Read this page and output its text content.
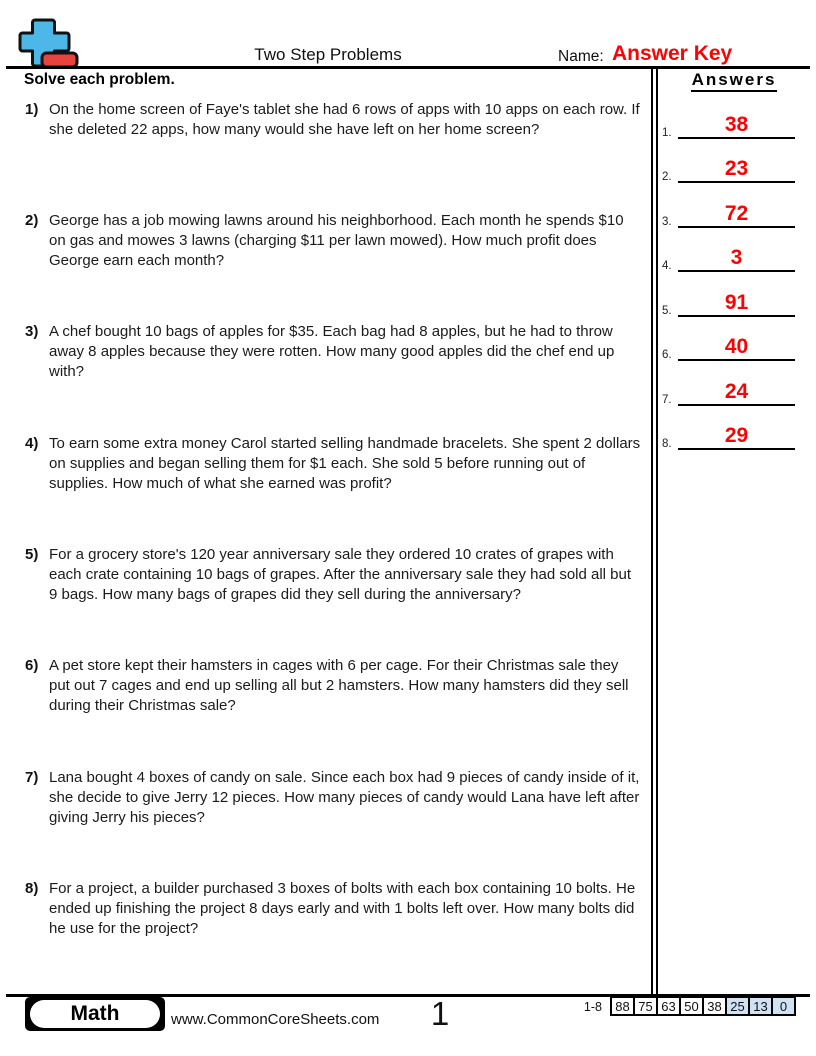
Two Step Problems	Name: Answer Key
Solve each problem.	Answers
1.	38
2.	23
3.	72
4.	3
5.	91
6.	40
7.	24
8.	29
1) On the home screen of Faye's tablet she had 6 rows of apps with 10 apps on each row. If she deleted 22 apps, how many would she have left on her home screen?
2) George has a job mowing lawns around his neighborhood. Each month he spends $10 on gas and mowes 3 lawns (charging $11 per lawn mowed). How much profit does George earn each month?
3) A chef bought 10 bags of apples for $35. Each bag had 8 apples, but he had to throw away 8 apples because they were rotten. How many good apples did the chef end up with?
4) To earn some extra money Carol started selling handmade bracelets. She spent 2 dollars on supplies and began selling them for $1 each. She sold 5 before running out of supplies. How much of what she earned was profit?
5) For a grocery store's 120 year anniversary sale they ordered 10 crates of grapes with each crate containing 10 bags of grapes. After the anniversary sale they had sold all but 9 bags. How many bags of grapes did they sell during the anniversary?
6) A pet store kept their hamsters in cages with 6 per cage. For their Christmas sale they put out 7 cages and end up selling all but 2 hamsters. How many hamsters did they sell during their Christmas sale?
7) Lana bought 4 boxes of candy on sale. Since each box had 9 pieces of candy inside of it, she decide to give Jerry 12 pieces. How many pieces of candy would Lana have left after giving Jerry his pieces?
8) For a project, a builder purchased 3 boxes of bolts with each box containing 10 bolts. He ended up finishing the project 8 days early and with 1 bolts left over. How many bolts did he use for the project?
Math	www.CommonCoreSheets.com	1	1-8	88 75 63 50 38 25 13 0
